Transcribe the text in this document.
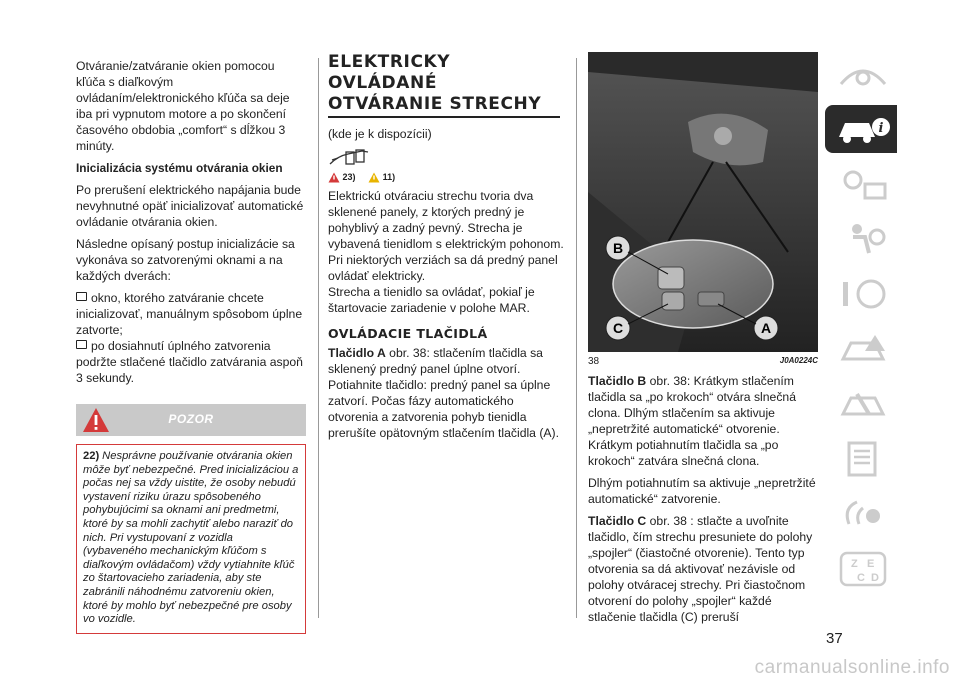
Otváranie/zatváranie okien pomocou kľúča s diaľkovým ovládaním/elektronického kľúča sa deje iba pri vypnutom motore a po skončení časového obdobia „comfort“ s dĺžkou 3 minúty.

Inicializácia systému otvárania okien

Po prerušení elektrického napájania bude nevyhnutné opäť inicializovať automatické ovládanie otvárania okien.

Následne opísaný postup inicializácie sa vykonáva so zatvorenými oknami a na každých dverách:

okno, ktorého zatváranie chcete inicializovať, manuálnym spôsobom úplne zatvorte;

po dosiahnutí úplného zatvorenia podržte stlačené tlačidlo zatvárania aspoň 3 sekundy.

POZOR
22) Nesprávne používanie otvárania okien môže byť nebezpečné. Pred inicializáciou a počas nej sa vždy uistite, že osoby nebudú vystavení riziku úrazu spôsobeného pohybujúcimi sa oknami ani predmetmi, ktoré by sa mohli zachytiť alebo naraziť do nich. Pri vystupovaní z vozidla (vybaveného mechanickým kľúčom s diaľkovým ovládačom) vždy vytiahnite kľúč zo štartovacieho zariadenia, aby ste zabránili náhodnému zatvoreniu okien, ktoré by mohlo byť nebezpečné pre osoby vo vozidle.
ELEKTRICKY OVLÁDANÉ
OTVÁRANIE STRECHY

(kde je k dispozícii)

23)	11)

Elektrickú otváraciu strechu tvoria dva sklenené panely, z ktorých predný je pohyblivý a zadný pevný. Strecha je vybavená tienidlom s elektrickým pohonom.

Pri niektorých verziách sa dá predný panel ovládať elektricky.

Strecha a tienidlo sa ovládať, pokiaľ je štartovacie zariadenie v polohe MAR.

OVLÁDACIE TLAČIDLÁ

Tlačidlo A obr. 38: stlačením tlačidla sa sklenený predný panel úplne otvorí. Potiahnite tlačidlo: predný panel sa úplne zatvorí. Počas fázy automatického otvorenia a zatvorenia pohyb tienidla prerušíte opätovným stlačením tlačidla (A).

B
C	A
38	J0A0224C

Tlačidlo B obr. 38: Krátkym stlačením tlačidla sa „po krokoch“ otvára slnečná clona. Dlhým stlačením sa aktivuje „nepretržité automatické“ otvorenie. Krátkym potiahnutím tlačidla sa „po krokoch“ zatvára slnečná clona.

Dlhým potiahnutím sa aktivuje „nepretržité automatické“ zatvorenie.

Tlačidlo C obr. 38 : stlačte a uvoľnite tlačidlo, čím strechu presuniete do polohy „spojler“ (čiastočné otvorenie). Tento typ otvorenia sa dá aktivovať nezávisle od polohy otváracej strechy. Pri čiastočnom otvorení do polohy „spojler“ každé stlačenie tlačidla (C) preruší

i
Z E
C D
37
carmanualsonline.info
